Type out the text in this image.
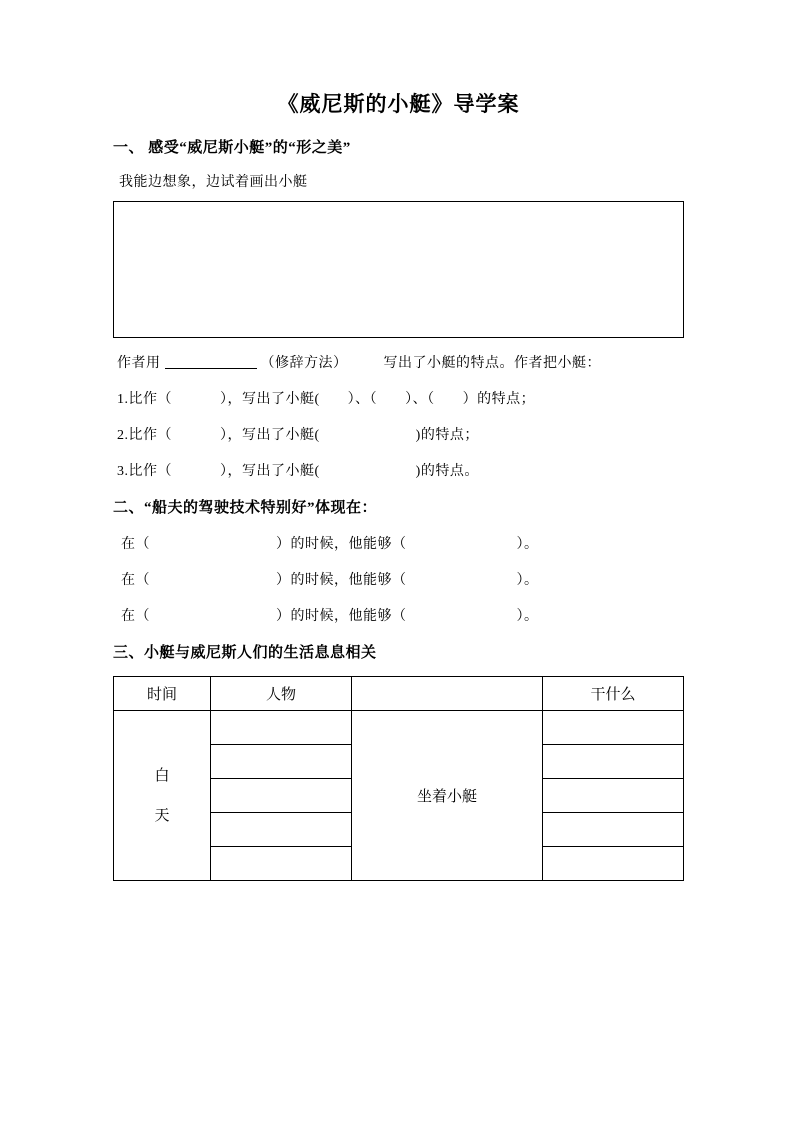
《威尼斯的小艇》导学案
一、 感受“威尼斯小艇”的“形之美”
我能边想象，边试着画出小艇
作者用	（修辞方法）	写出了小艇的特点。作者把小艇：
1.比作（	），写出了小艇( ）、（ ）、（ ）的特点；
2.比作（	），写出了小艇(	)的特点；
3.比作（	），写出了小艇(	)的特点。
二、“船夫的驾驶技术特别好”体现在：
在（	）的时候，他能够（	）。
在（	）的时候，他能够（	）。
在（	）的时候，他能够（	）。
三、小艇与威尼斯人们的生活息息相关
时间	人物		干什么
白
天		坐着小艇	
